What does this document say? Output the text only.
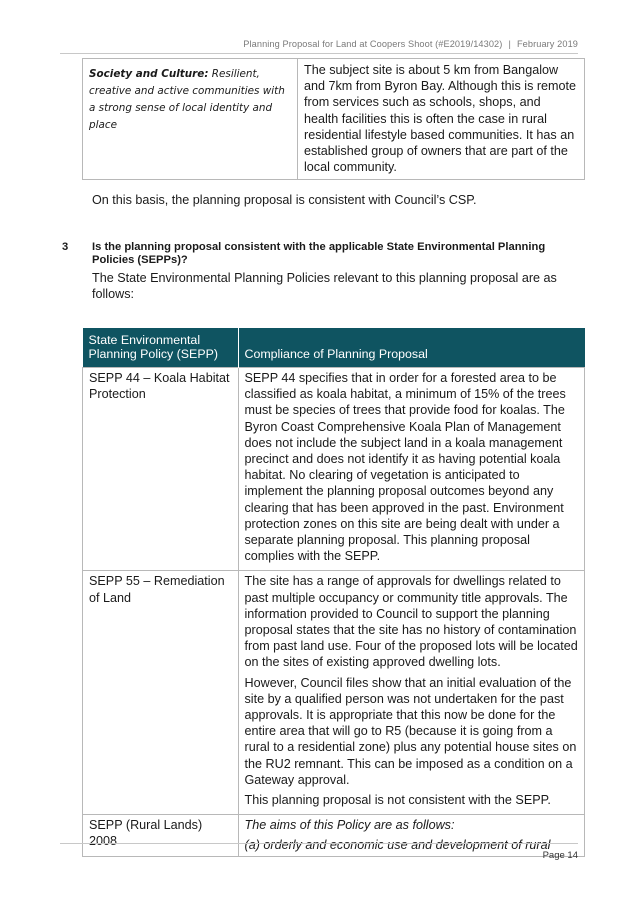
Planning Proposal for Land at Coopers Shoot (#E2019/14302) | February 2019
Society and Culture: Resilient, creative and active communities with a strong sense of local identity and place	The subject site is about 5 km from Bangalow and 7km from Byron Bay. Although this is remote from services such as schools, shops, and health facilities this is often the case in rural residential lifestyle based communities. It has an established group of owners that are part of the local community.
On this basis, the planning proposal is consistent with Council’s CSP.
3 Is the planning proposal consistent with the applicable State Environmental Planning Policies (SEPPs)?
The State Environmental Planning Policies relevant to this planning proposal are as follows:
State Environmental Planning Policy (SEPP)	Compliance of Planning Proposal
SEPP 44 – Koala Habitat Protection	SEPP 44 specifies that in order for a forested area to be classified as koala habitat, a minimum of 15% of the trees must be species of trees that provide food for koalas. The Byron Coast Comprehensive Koala Plan of Management does not include the subject land in a koala management precinct and does not identify it as having potential koala habitat. No clearing of vegetation is anticipated to implement the planning proposal outcomes beyond any clearing that has been approved in the past. Environment protection zones on this site are being dealt with under a separate planning proposal. This planning proposal complies with the SEPP.

SEPP 55 – Remediation of Land	The site has a range of approvals for dwellings related to past multiple occupancy or community title approvals. The information provided to Council to support the planning proposal states that the site has no history of contamination from past land use. Four of the proposed lots will be located on the sites of existing approved dwelling lots.

However, Council files show that an initial evaluation of the site by a qualified person was not undertaken for the past approvals. It is appropriate that this now be done for the entire area that will go to R5 (because it is going from a rural to a residential zone) plus any potential house sites on the RU2 remnant. This can be imposed as a condition on a Gateway approval.

This planning proposal is not consistent with the SEPP.

SEPP (Rural Lands) 2008	The aims of this Policy are as follows:

(a) orderly and economic use and development of rural

Page 14
